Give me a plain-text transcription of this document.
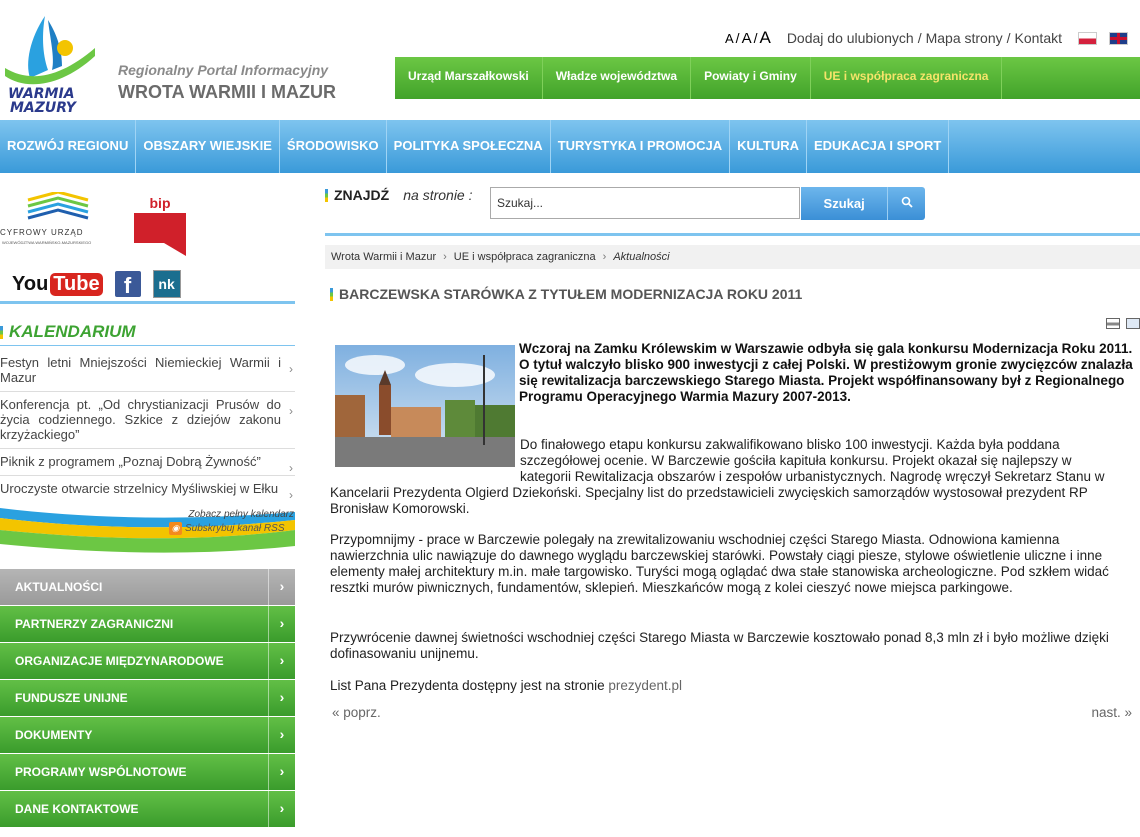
WARMIA
MAZURY
Regionalny Portal Informacyjny
WROTA WARMII I MAZUR
A / A / A Dodaj do ulubionych / Mapa strony / Kontakt
Urząd Marszałkowski	Władze województwa	Powiaty i Gminy	UE i współpraca zagraniczna
ROZWÓJ REGIONU	OBSZARY WIEJSKIE	ŚRODOWISKO	POLITYKA SPOŁECZNA	TURYSTYKA I PROMOCJA	KULTURA	EDUKACJA I SPORT
CYFROWY URZĄD
WOJEWÓDZTWA WARMIŃSKO-MAZURSKIEGO
bip
You Tube	f	nk
KALENDARIUM
Festyn letni Mniejszości Niemieckiej Warmii i Mazur
›
Konferencja pt. „Od chrystianizacji Prusów do życia codziennego. Szkice z dziejów zakonu krzyżackiego”
›
Piknik z programem „Poznaj Dobrą Żywność” ›
Uroczyste otwarcie strzelnicy Myśliwskiej w Ełku ›
Zobacz pełny kalendarz
◉ Subskrybuj kanał RSS
AKTUALNOŚCI	›
PARTNERZY ZAGRANICZNI	›
ORGANIZACJE MIĘDZYNARODOWE	›
FUNDUSZE UNIJNE	›
DOKUMENTY	›
PROGRAMY WSPÓLNOTOWE	›
DANE KONTAKTOWE	›
ZNAJDŹ na stronie :	Szukaj...	Szukaj
Wrota Warmii i Mazur › UE i współpraca zagraniczna › Aktualności
BARCZEWSKA STARÓWKA Z TYTUŁEM MODERNIZACJA ROKU 2011
Wczoraj na Zamku Królewskim w Warszawie odbyła się gala konkursu Modernizacja Roku 2011. O tytuł walczyło blisko 900 inwestycji z całej Polski. W prestiżowym gronie zwycięzców znalazła się rewitalizacja barczewskiego Starego Miasta. Projekt współfinansowany był z Regionalnego Programu Operacyjnego Warmia Mazury 2007-2013.
Do finałowego etapu konkursu zakwalifikowano blisko 100 inwestycji. Każda była poddana
szczegółowej ocenie. W Barczewie gościła kapituła konkursu. Projekt okazał się najlepszy w
kategorii Rewitalizacja obszarów i zespołów urbanistycznych. Nagrodę wręczył Sekretarz Stanu w
Kancelarii Prezydenta Olgierd Dziekoński. Specjalny list do przedstawicieli zwycięskich samorządów wystosował prezydent RP Bronisław Komorowski.
Przypomnijmy - prace w Barczewie polegały na zrewitalizowaniu wschodniej części Starego Miasta. Odnowiona kamienna nawierzchnia ulic nawiązuje do dawnego wyglądu barczewskiej starówki. Powstały ciągi piesze, stylowe oświetlenie uliczne i inne elementy małej architektury m.in. małe targowisko. Turyści mogą oglądać dwa stałe stanowiska archeologiczne. Pod szkłem widać resztki murów piwnicznych, fundamentów, sklepień. Mieszkańców mogą z kolei cieszyć nowe miejsca parkingowe.
Przywrócenie dawnej świetności wschodniej części Starego Miasta w Barczewie kosztowało ponad 8,3 mln zł i było możliwe dzięki dofinasowaniu unijnemu.
List Pana Prezydenta dostępny jest na stronie prezydent.pl
« poprz.	nast. »
